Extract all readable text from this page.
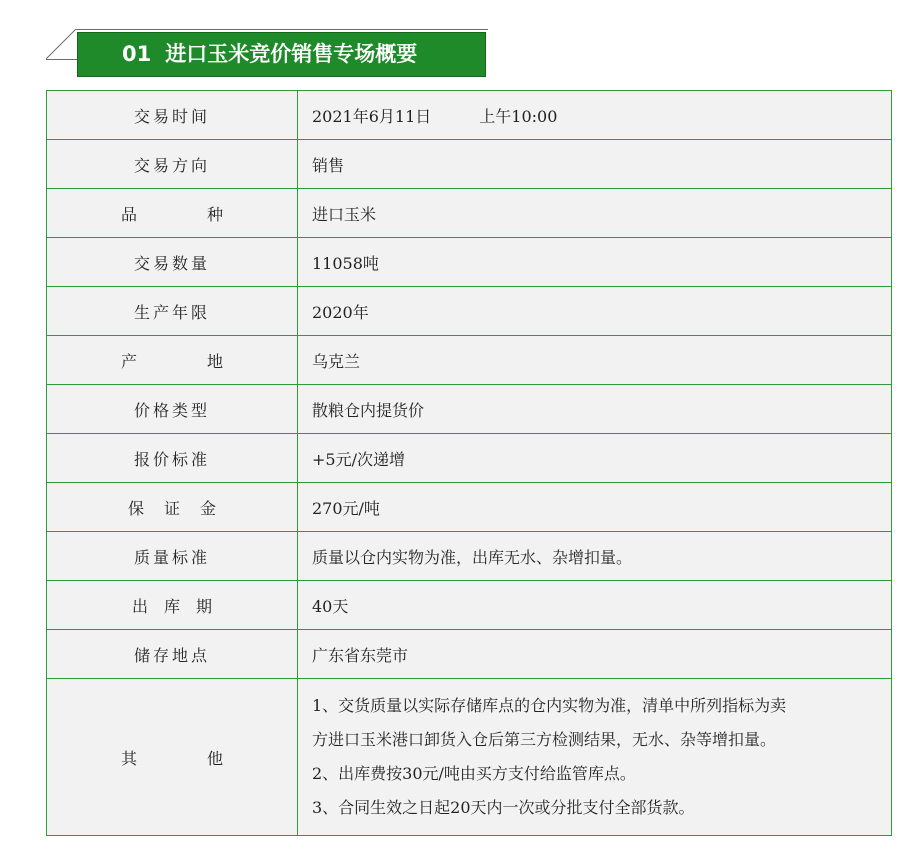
01 进口玉米竞价销售专场概要
交易时间	2021年6月11日 上午10:00
交易方向	销售
品 种	进口玉米
交易数量	11058吨
生产年限	2020年
产 地	乌克兰
价格类型	散粮仓内提货价
报价标准	+5元/次递增
保 证 金	270元/吨
质量标准	质量以仓内实物为准，出库无水、杂增扣量。
出 库 期	40天
储存地点	广东省东莞市
其 他	1、交货质量以实际存储库点的仓内实物为准，清单中所列指标为卖
方进口玉米港口卸货入仓后第三方检测结果，无水、杂等增扣量。
2、出库费按30元/吨由买方支付给监管库点。
3、合同生效之日起20天内一次或分批支付全部货款。
